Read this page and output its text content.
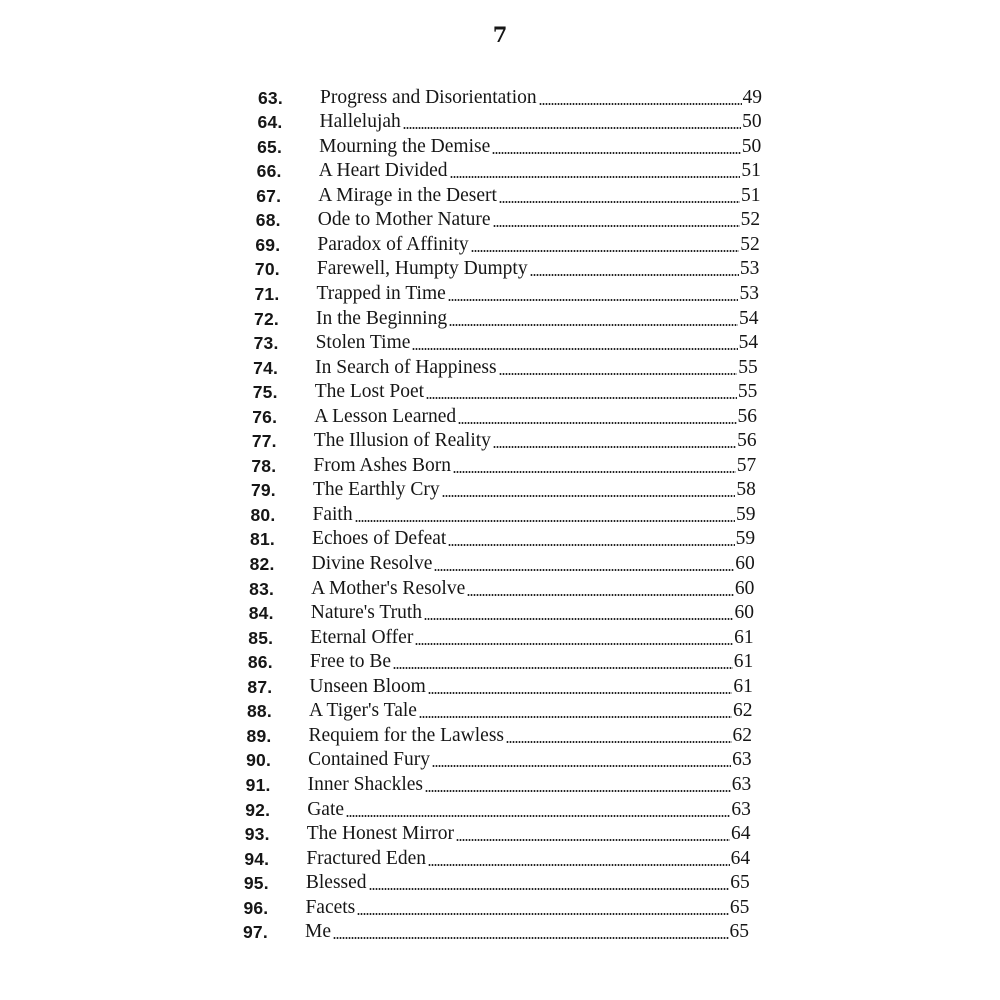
7
63.	Progress and Disorientation	49
64.	Hallelujah	50
65.	Mourning the Demise	50
66.	A Heart Divided	51
67.	A Mirage in the Desert	51
68.	Ode to Mother Nature	52
69.	Paradox of Affinity	52
70.	Farewell, Humpty Dumpty	53
71.	Trapped in Time	53
72.	In the Beginning	54
73.	Stolen Time	54
74.	In Search of Happiness	55
75.	The Lost Poet	55
76.	A Lesson Learned	56
77.	The Illusion of Reality	56
78.	From Ashes Born	57
79.	The Earthly Cry	58
80.	Faith	59
81.	Echoes of Defeat	59
82.	Divine Resolve	60
83.	A Mother's Resolve	60
84.	Nature's Truth	60
85.	Eternal Offer	61
86.	Free to Be	61
87.	Unseen Bloom	61
88.	A Tiger's Tale	62
89.	Requiem for the Lawless	62
90.	Contained Fury	63
91.	Inner Shackles	63
92.	Gate	63
93.	The Honest Mirror	64
94.	Fractured Eden	64
95.	Blessed	65
96.	Facets	65
97.	Me	65
